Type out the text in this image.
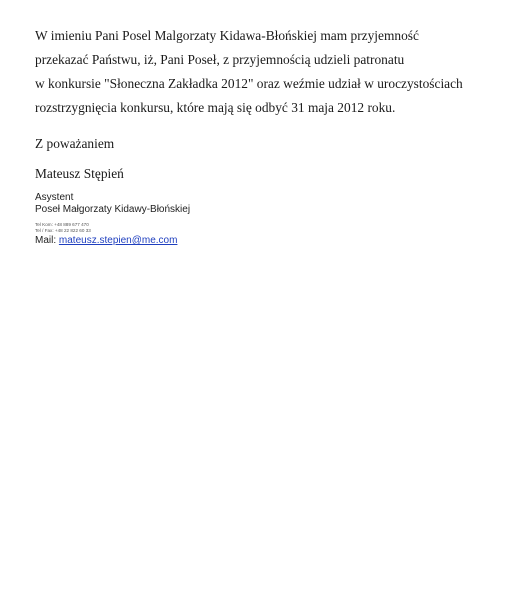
W imieniu Pani Posel Malgorzaty Kidawa-Błońskiej mam przyjemność
przekazać Państwu, iż, Pani Poseł, z przyjemnością udzieli patronatu
w konkursie "Słoneczna Zakładka 2012" oraz weźmie udział w uroczystościach
rozstrzygnięcia konkursu, które mają się odbyć 31 maja 2012 roku.
Z poważaniem
Mateusz Stępień
Asystent
Poseł Małgorzaty Kidawy-Błońskiej
Tel Kom: +48 889 677 470
Tel / Fax: +48 22 822 60 33
Mail: mateusz.stepien@me.com
